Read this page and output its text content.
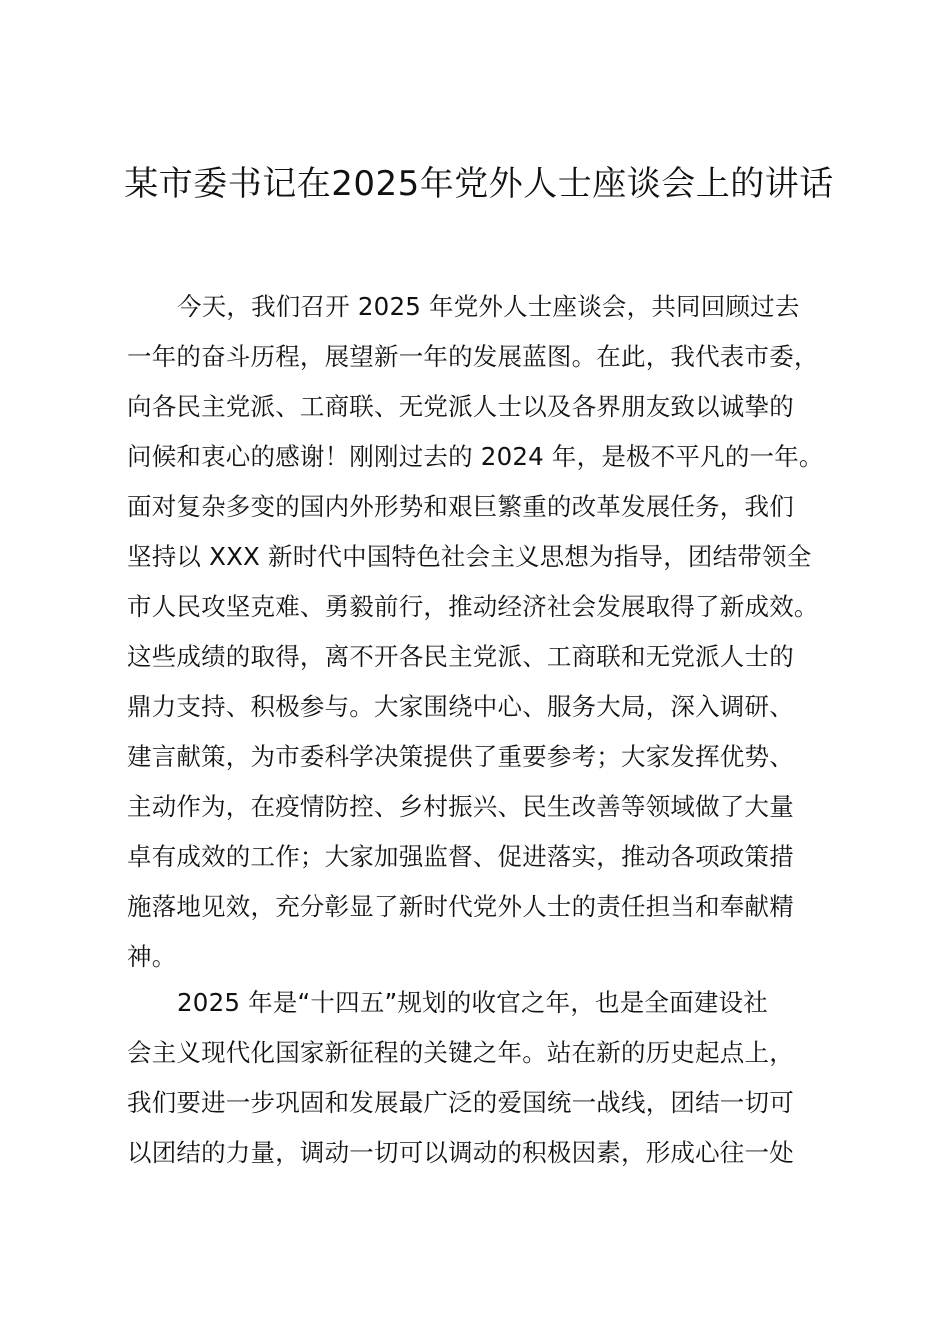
某市委书记在2025年党外人士座谈会上的讲话
今天，我们召开 2025 年党外人士座谈会，共同回顾过去
一年的奋斗历程，展望新一年的发展蓝图。在此，我代表市委，
向各民主党派、工商联、无党派人士以及各界朋友致以诚挚的
问候和衷心的感谢！刚刚过去的 2024 年，是极不平凡的一年。
面对复杂多变的国内外形势和艰巨繁重的改革发展任务，我们
坚持以 XXX 新时代中国特色社会主义思想为指导，团结带领全
市人民攻坚克难、勇毅前行，推动经济社会发展取得了新成效。
这些成绩的取得，离不开各民主党派、工商联和无党派人士的
鼎力支持、积极参与。大家围绕中心、服务大局，深入调研、
建言献策，为市委科学决策提供了重要参考；大家发挥优势、
主动作为，在疫情防控、乡村振兴、民生改善等领域做了大量
卓有成效的工作；大家加强监督、促进落实，推动各项政策措
施落地见效，充分彰显了新时代党外人士的责任担当和奉献精
神。
2025 年是“十四五”规划的收官之年，也是全面建设社
会主义现代化国家新征程的关键之年。站在新的历史起点上，
我们要进一步巩固和发展最广泛的爱国统一战线，团结一切可
以团结的力量，调动一切可以调动的积极因素，形成心往一处
